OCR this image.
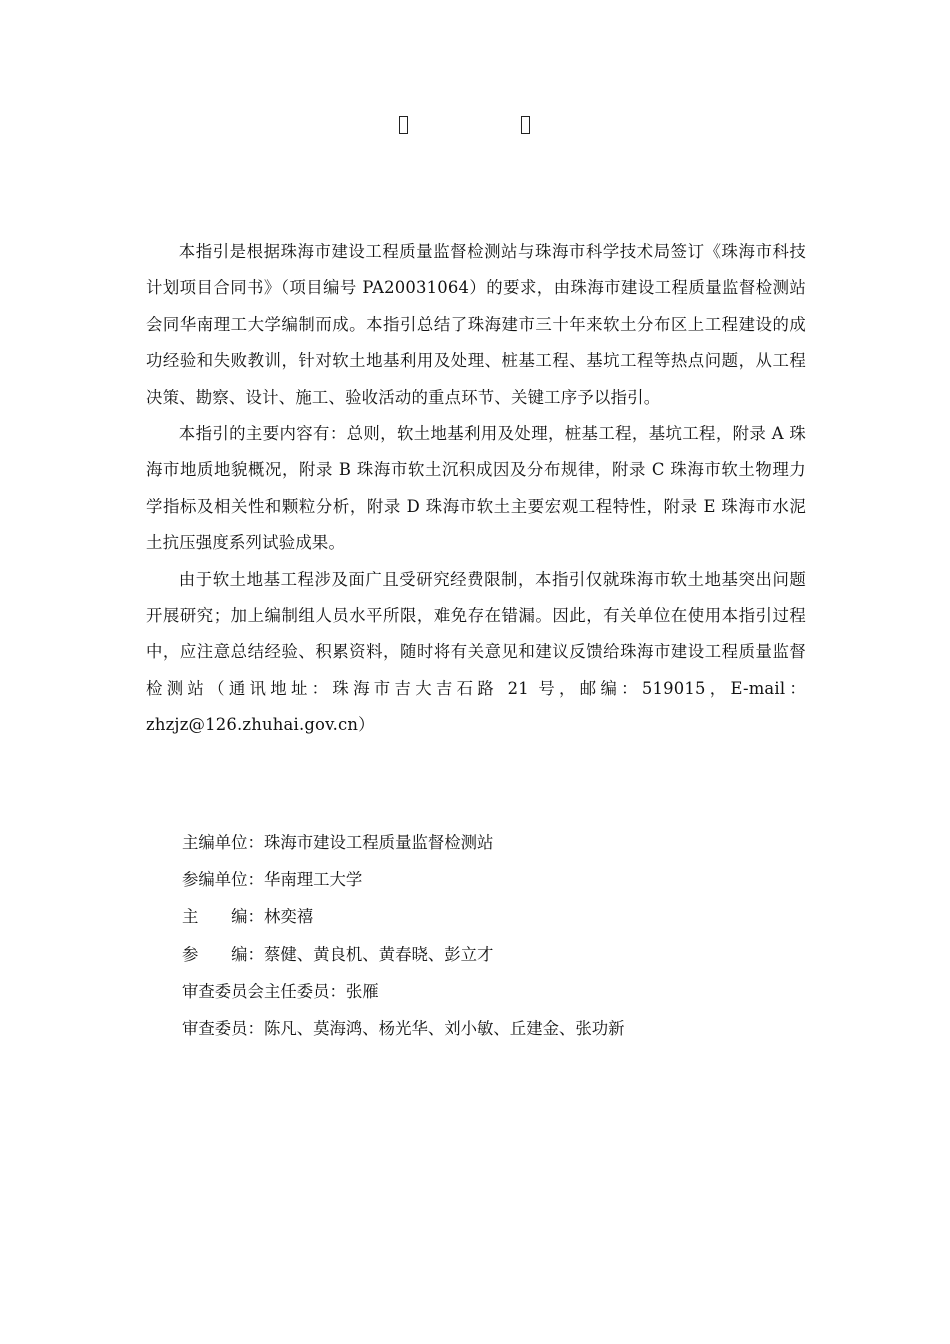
本指引是根据珠海市建设工程质量监督检测站与珠海市科学技术局签订《珠海市科技计划项目合同书》（项目编号 PA20031064）的要求，由珠海市建设工程质量监督检测站会同华南理工大学编制而成。本指引总结了珠海建市三十年来软土分布区上工程建设的成功经验和失败教训，针对软土地基利用及处理、桩基工程、基坑工程等热点问题，从工程决策、勘察、设计、施工、验收活动的重点环节、关键工序予以指引。

本指引的主要内容有：总则，软土地基利用及处理，桩基工程，基坑工程，附录 A 珠海市地质地貌概况，附录 B 珠海市软土沉积成因及分布规律，附录 C 珠海市软土物理力学指标及相关性和颗粒分析，附录 D 珠海市软土主要宏观工程特性，附录 E 珠海市水泥土抗压强度系列试验成果。

由于软土地基工程涉及面广且受研究经费限制，本指引仅就珠海市软土地基突出问题开展研究；加上编制组人员水平所限，难免存在错漏。因此，有关单位在使用本指引过程中，应注意总结经验、积累资料，随时将有关意见和建议反馈给珠海市建设工程质量监督检测站（通讯地址：珠海市吉大吉石路 21 号，邮编：519015，E-mail：zhzjz@126.zhuhai.gov.cn）

主编单位：珠海市建设工程质量监督检测站
参编单位：华南理工大学
主　　编：林奕禧
参　　编：蔡健、黄良机、黄春晓、彭立才
审查委员会主任委员：张雁
审查委员：陈凡、莫海鸿、杨光华、刘小敏、丘建金、张功新
